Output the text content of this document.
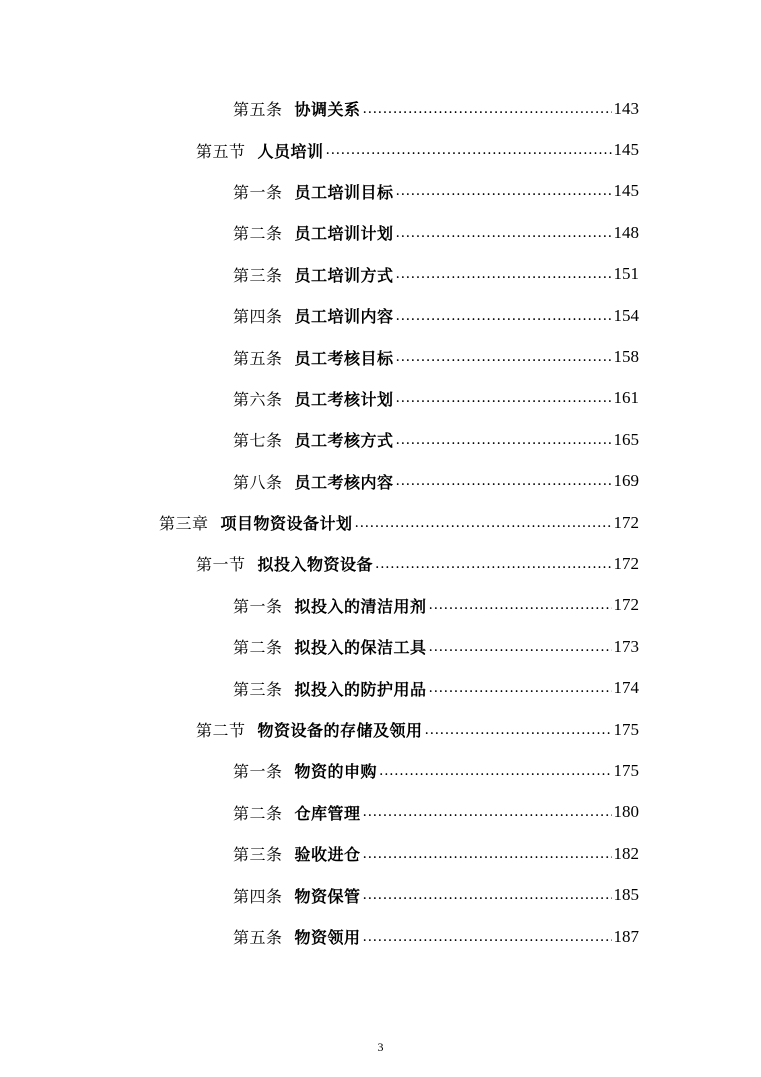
第五条 协调关系 .....	143
第五节 人员培训 .....	145
第一条 员工培训目标 .....	145
第二条 员工培训计划 .....	148
第三条 员工培训方式 .....	151
第四条 员工培训内容 .....	154
第五条 员工考核目标 .....	158
第六条 员工考核计划 .....	161
第七条 员工考核方式 .....	165
第八条 员工考核内容 .....	169
第三章 项目物资设备计划 .....	172
第一节 拟投入物资设备 .....	172
第一条 拟投入的清洁用剂 .....	172
第二条 拟投入的保洁工具 .....	173
第三条 拟投入的防护用品 .....	174
第二节 物资设备的存储及领用 .....	175
第一条 物资的申购 .....	175
第二条 仓库管理 .....	180
第三条 验收进仓 .....	182
第四条 物资保管 .....	185
第五条 物资领用 .....	187
3
